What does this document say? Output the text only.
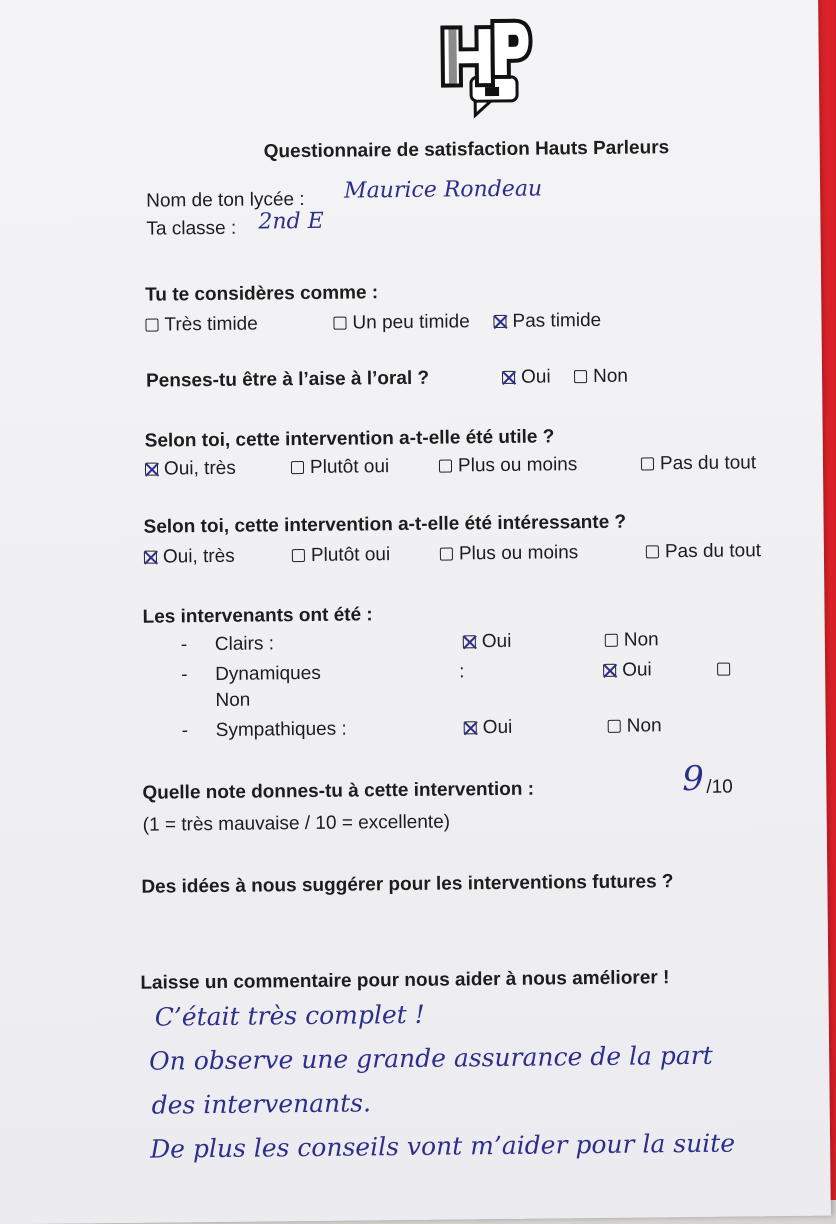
Questionnaire de satisfaction Hauts Parleurs
Nom de ton lycée : Maurice Rondeau
Ta classe : 2nd E
Tu te considères comme :
Très timide	Un peu timide	Pas timide
Penses-tu être à l’aise à l’oral ?	Oui	Non
Selon toi, cette intervention a-t-elle été utile ?
Oui, très	Plutôt oui	Plus ou moins	Pas du tout
Selon toi, cette intervention a-t-elle été intéressante ?
Oui, très	Plutôt oui	Plus ou moins	Pas du tout
Les intervenants ont été :
- Clairs :	Oui	Non
- Dynamiques	:	Oui
Non
- Sympathiques :	Oui	Non
Quelle note donnes-tu à cette intervention :	9 /10
(1 = très mauvaise / 10 = excellente)
Des idées à nous suggérer pour les interventions futures ?
Laisse un commentaire pour nous aider à nous améliorer !
C’était très complet !
On observe une grande assurance de la part
des intervenants.
De plus les conseils vont m’aider pour la suite
